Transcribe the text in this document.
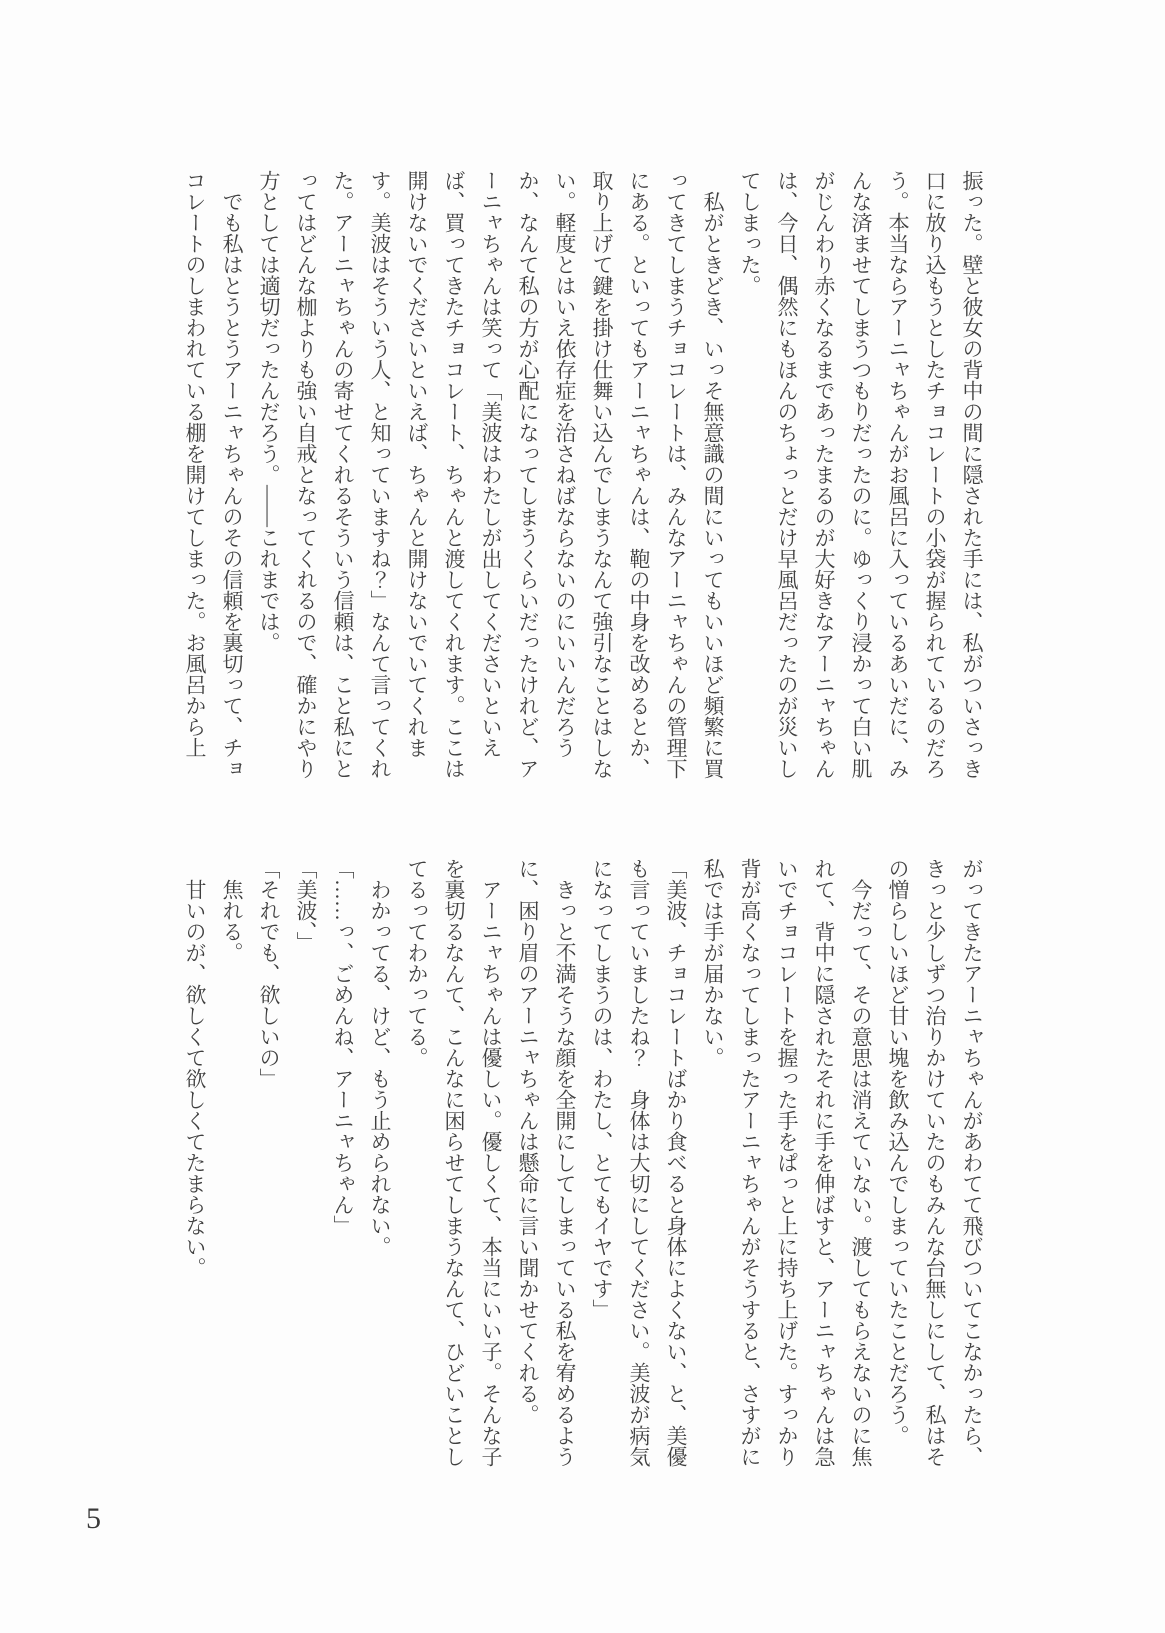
振った。壁と彼女の背中の間に隠された手には、私がついさっき口に放り込もうとしたチョコレートの小袋が握られているのだろう。本当ならアーニャちゃんがお風呂に入っているあいだに、みんな済ませてしまうつもりだったのに。ゆっくり浸かって白い肌がじんわり赤くなるまであったまるのが大好きなアーニャちゃんは、今日、偶然にもほんのちょっとだけ早風呂だったのが災いしてしまった。

　私がときどき、いっそ無意識の間にいってもいいほど頻繁に買ってきてしまうチョコレートは、みんなアーニャちゃんの管理下にある。といってもアーニャちゃんは、鞄の中身を改めるとか、取り上げて鍵を掛け仕舞い込んでしまうなんて強引なことはしない。軽度とはいえ依存症を治さねばならないのにいいんだろうか、なんて私の方が心配になってしまうくらいだったけれど、アーニャちゃんは笑って「美波はわたしが出してくださいといえば、買ってきたチョコレート、ちゃんと渡してくれます。ここは開けないでくださいといえば、ちゃんと開けないでいてくれます。美波はそういう人、と知っていますね？」なんて言ってくれた。アーニャちゃんの寄せてくれるそういう信頼は、こと私にとってはどんな枷よりも強い自戒となってくれるので、確かにやり方としては適切だったんだろう。――これまでは。

　でも私はとうとうアーニャちゃんのその信頼を裏切って、チョコレートのしまわれている棚を開けてしまった。お風呂から上

がってきたアーニャちゃんがあわてて飛びついてこなかったら、きっと少しずつ治りかけていたのもみんな台無しにして、私はその憎らしいほど甘い塊を飲み込んでしまっていたことだろう。

　今だって、その意思は消えていない。渡してもらえないのに焦れて、背中に隠されたそれに手を伸ばすと、アーニャちゃんは急いでチョコレートを握った手をぱっと上に持ち上げた。すっかり背が高くなってしまったアーニャちゃんがそうすると、さすがに私では手が届かない。

「美波、チョコレートばかり食べると身体によくない、と、美優も言っていましたね？　身体は大切にしてください。美波が病気になってしまうのは、わたし、とてもイヤです」

　きっと不満そうな顔を全開にしてしまっている私を宥めるように、困り眉のアーニャちゃんは懸命に言い聞かせてくれる。

　アーニャちゃんは優しい。優しくて、本当にいい子。そんな子を裏切るなんて、こんなに困らせてしまうなんて、ひどいことしてるってわかってる。

　わかってる、けど、もう止められない。

「……っ、ごめんね、アーニャちゃん」

「美波、」

「それでも、欲しいの」

　焦れる。

　甘いのが、欲しくて欲しくてたまらない。

5
